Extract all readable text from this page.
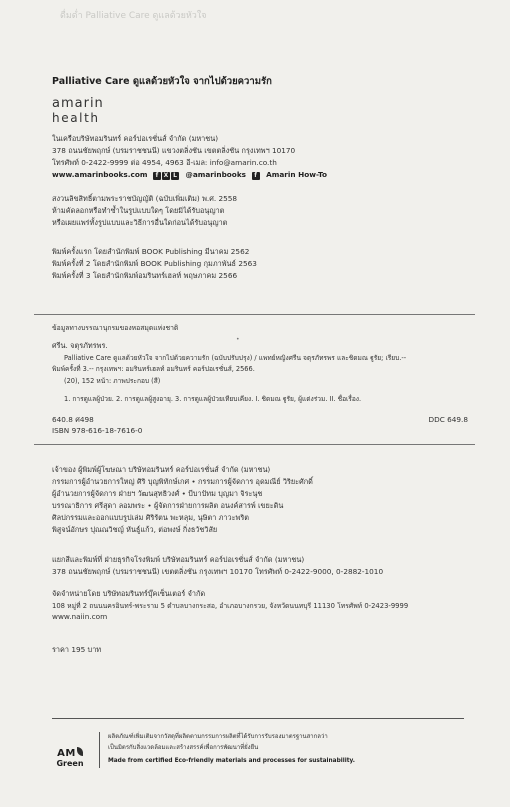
ดื่มด่ำ Palliative Care ดูแลด้วยหัวใจ
Palliative Care ดูแลด้วยหัวใจ จากไปด้วยความรัก
amarin
health
ในเครือบริษัทอมรินทร์ คอร์ปอเรชั่นส์ จำกัด (มหาชน)
378 ถนนชัยพฤกษ์ (บรมราชชนนี) แขวงตลิ่งชัน เขตตลิ่งชัน กรุงเทพฯ 10170
โทรศัพท์ 0-2422-9999 ต่อ 4954, 4963 อี-เมล: info@amarin.co.th
www.amarinbooks.com f X L @amarinbooks f Amarin How-To
สงวนลิขสิทธิ์ตามพระราชบัญญัติ (ฉบับเพิ่มเติม) พ.ศ. 2558
ห้ามคัดลอกหรือทำซ้ำในรูปแบบใดๆ โดยมิได้รับอนุญาต
หรือเผยแพร่ทั้งรูปแบบและวิธีการอื่นใดก่อนได้รับอนุญาต
พิมพ์ครั้งแรก โดยสำนักพิมพ์ BOOK Publishing มีนาคม 2562
พิมพ์ครั้งที่ 2 โดยสำนักพิมพ์ BOOK Publishing กุมภาพันธ์ 2563
พิมพ์ครั้งที่ 3 โดยสำนักพิมพ์อมรินทร์เฮลท์ พฤษภาคม 2566
ข้อมูลทางบรรณานุกรมของหอสมุดแห่งชาติ
•
ศรีน. จตุรภัทรพร.
Palliative Care ดูแลด้วยหัวใจ จากไปด้วยความรัก (ฉบับปรับปรุง) / แพทย์หญิงศรีน จตุรภัทรพร และชิดมณ ฐูรัย; เรียบ.--
พิมพ์ครั้งที่ 3.-- กรุงเทพฯ: อมรินทร์เฮลท์ อมรินทร์ คอร์ปอเรชั่นส์, 2566.
(20), 152 หน้า: ภาพประกอบ (สี)
1. การดูแลผู้ป่วย. 2. การดูแลผู้สูงอายุ. 3. การดูแลผู้ป่วยเทียบเคียง. I. ชิดมณ ฐูรัย, ผู้แต่งร่วม. II. ชื่อเรื่อง.
640.8 ศ498	DDC 649.8
ISBN 978-616-18-7616-0
เจ้าของ ผู้พิมพ์ผู้โฆษณา บริษัทอมรินทร์ คอร์ปอเรชั่นส์ จำกัด (มหาชน)
กรรมการผู้อำนวยการใหญ่ ศิริ บุญพิทักษ์เกศ • กรรมการผู้จัดการ อุดมณีย์ วิริยะศักดิ์
ผู้อำนวยการผู้จัดการ ฝ่ายฯ วัฒนสุทธิวงศ์ • บีบาปัทม บุญมา จิระนุช
บรรณาธิการ ศรีสุดา ลอมพระ • ผู้จัดการฝ่ายการผลิต อนงค์สารพ์ เขยะดิน
ศิลปกรรมและออกแบบรูปเล่ม ศิริรัตน พะหลุม, นุษิตา ภาวะพริต
พิสูจน์อักษร ปุณณวิชญ์ หันธู์แก้ว, ต่อพงษ์ กิ่งธวัชวิสัย
แยกสีและพิมพ์ที่ ฝ่ายธุรกิจโรงพิมพ์ บริษัทอมรินทร์ คอร์ปอเรชั่นส์ จำกัด (มหาชน)
378 ถนนชัยพฤกษ์ (บรมราชชนนี) เขตตลิ่งชัน กรุงเทพฯ 10170 โทรศัพท์ 0-2422-9000, 0-2882-1010
จัดจำหน่ายโดย บริษัทอมรินทร์บุ๊คเซ็นเตอร์ จำกัด
108 หมู่ที่ 2 ถนนนครอินทร์-พระราม 5 ตำบลบางกระสอ, อำเภอบางกรวย, จังหวัดนนทบุรี 11130 โทรศัพท์ 0-2423-9999
www.naiin.com
ราคา 195 บาท
AM
Green
ผลิตภัณฑ์เพิ่มเติมจากวัสดุที่ผลิตตามกรรมการผลิตที่ได้รับการรับรองมาตรฐานสากลว่า
เป็นมิตรกับสิ่งแวดล้อมและสร้างสรรค์เพื่อการพัฒนาที่ยั่งยืน
Made from certified Eco-friendly materials and processes for sustainability.
